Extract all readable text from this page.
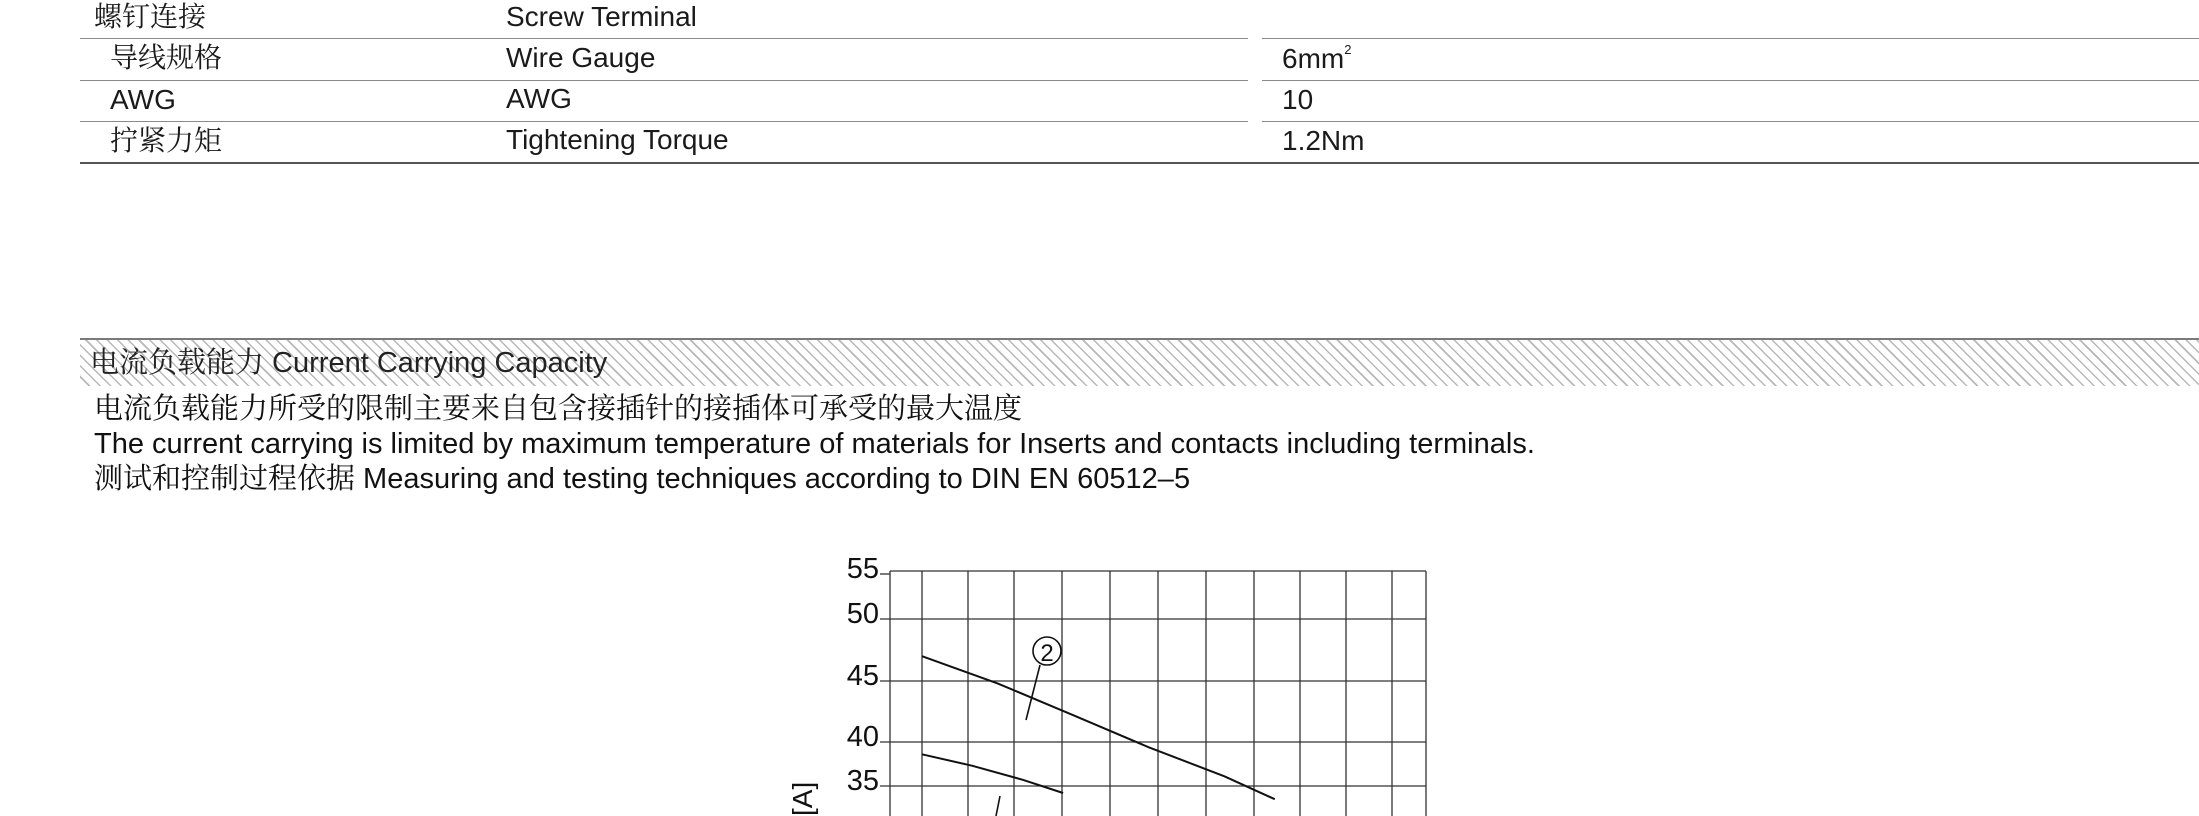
螺钉连接	Screw Terminal
导线规格	Wire Gauge	$6mm^2$
AWG	AWG	10
拧紧力矩	Tightening Torque	1.2Nm
电流负载能力 Current Carrying Capacity
电流负载能力所受的限制主要来自包含接插针的接插体可承受的最大温度
The current carrying is limited by maximum temperature of materials for Inserts and contacts including terminals.
测试和控制过程依据 Measuring and testing techniques according to DIN EN 60512–5
55
50
45
40
35
[A]
2
